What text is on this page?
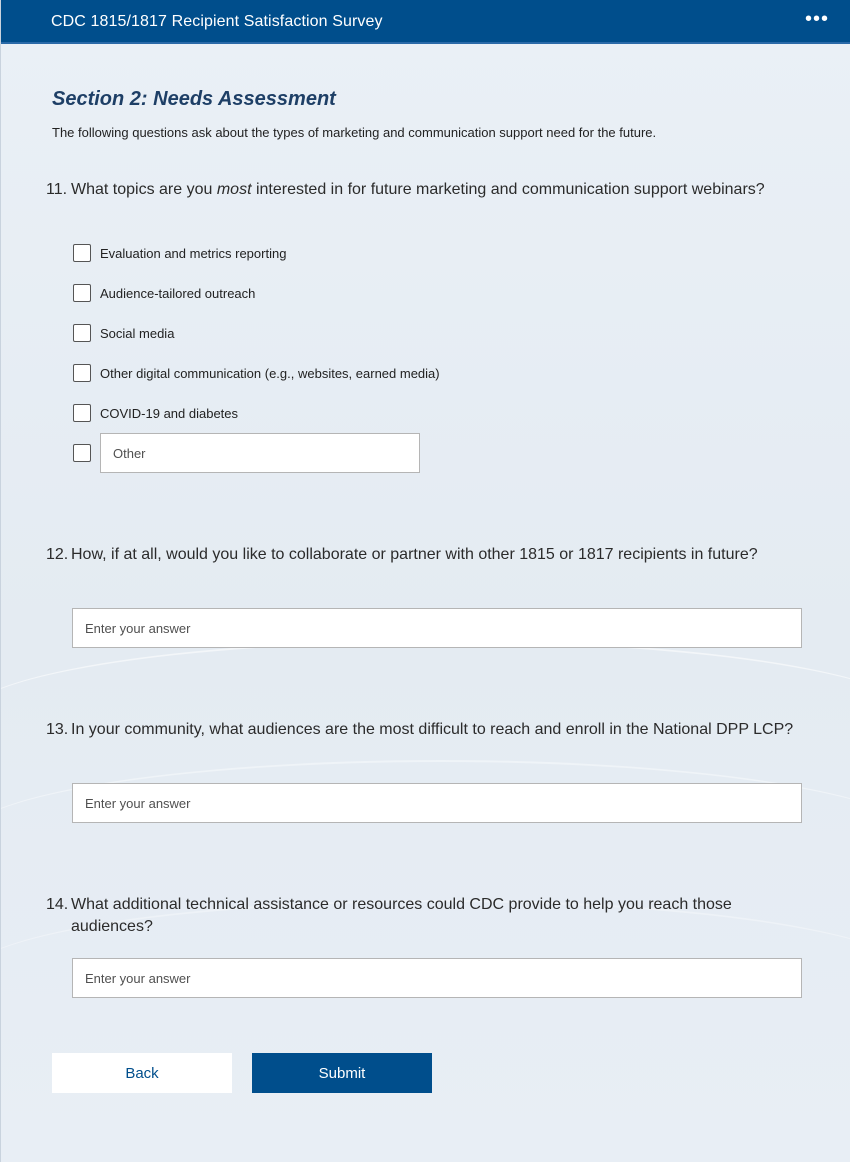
CDC 1815/1817 Recipient Satisfaction Survey	•••
Section 2: Needs Assessment
The following questions ask about the types of marketing and communication support need for the future.
11. What topics are you most interested in for future marketing and communication support webinars?
Evaluation and metrics reporting
Audience-tailored outreach
Social media
Other digital communication (e.g., websites, earned media)
COVID-19 and diabetes
Other
12. How, if at all, would you like to collaborate or partner with other 1815 or 1817 recipients in future?
Enter your answer
13. In your community, what audiences are the most difficult to reach and enroll in the National DPP LCP?
Enter your answer
14. What additional technical assistance or resources could CDC provide to help you reach those audiences?
Enter your answer
Back	Submit
